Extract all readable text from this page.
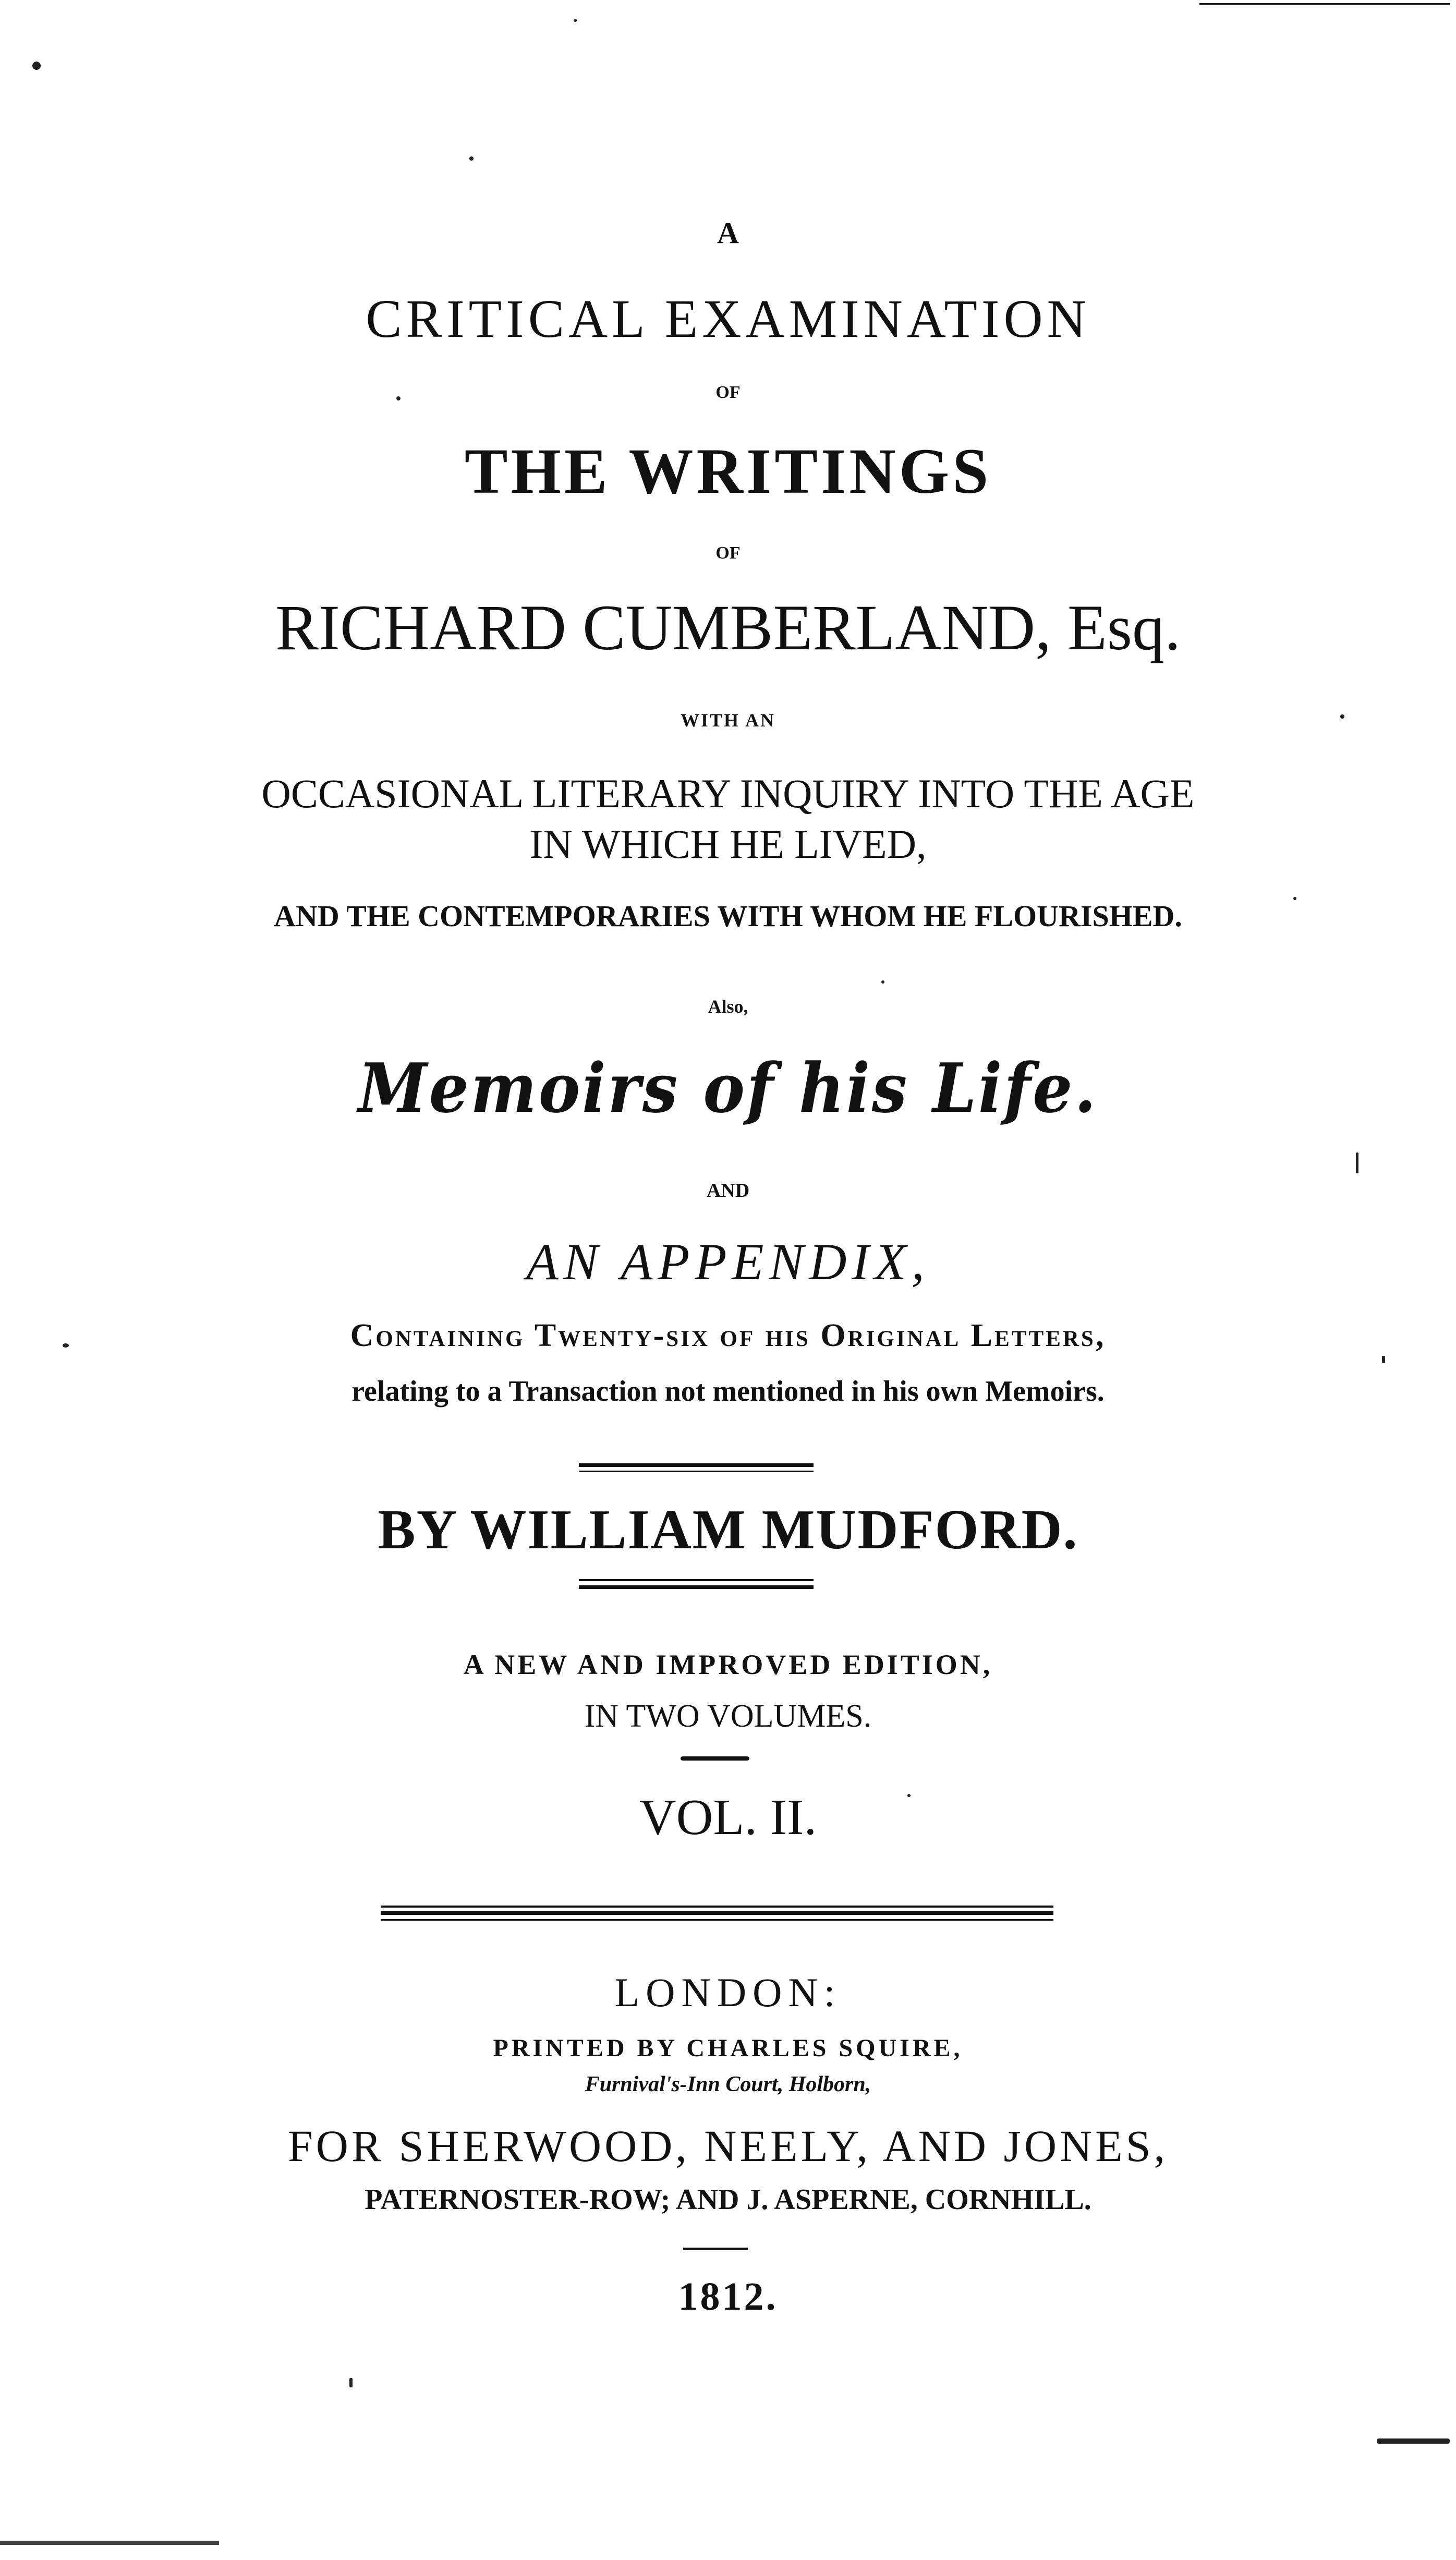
A
CRITICAL EXAMINATION
OF
THE WRITINGS
OF
RICHARD CUMBERLAND, Esq.
WITH AN
OCCASIONAL LITERARY INQUIRY INTO THE AGE
IN WHICH HE LIVED,
AND THE CONTEMPORARIES WITH WHOM HE FLOURISHED.
Also,
Memoirs of his Life.
AND
AN APPENDIX,
Containing Twenty-six of his Original Letters,
relating to a Transaction not mentioned in his own Memoirs.
BY WILLIAM MUDFORD.
A NEW AND IMPROVED EDITION,
IN TWO VOLUMES.
VOL. II.
LONDON:
PRINTED BY CHARLES SQUIRE,
Furnival's-Inn Court, Holborn,
FOR SHERWOOD, NEELY, AND JONES,
PATERNOSTER-ROW; AND J. ASPERNE, CORNHILL.
1812.
